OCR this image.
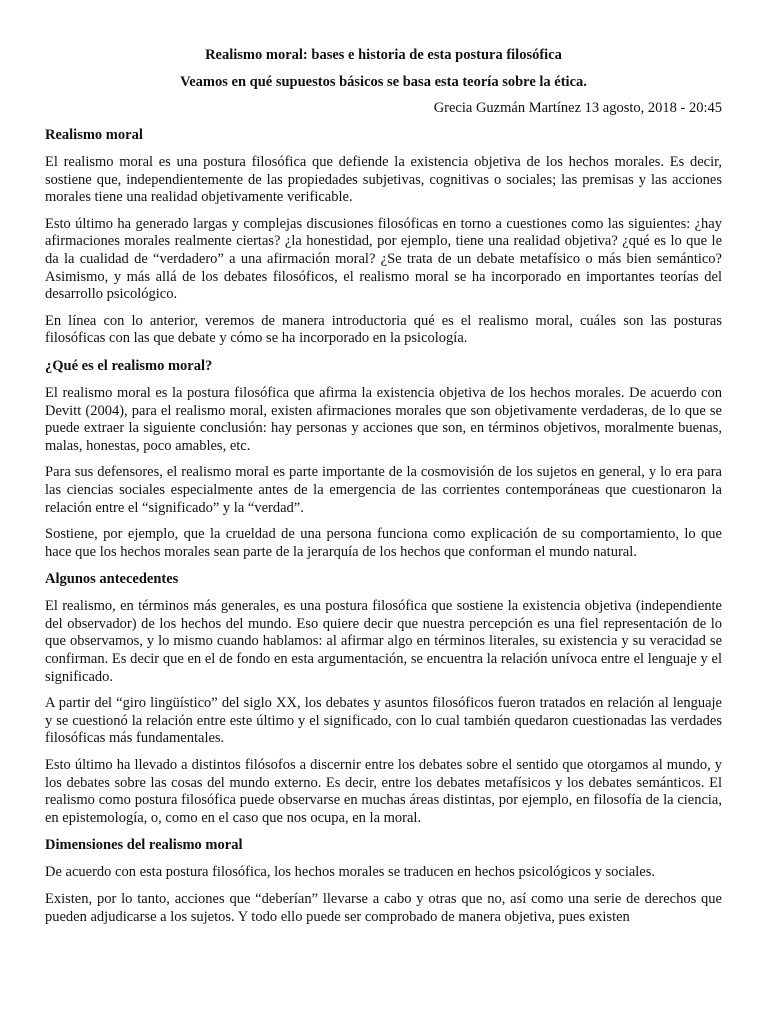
Realismo moral: bases e historia de esta postura filosófica
Veamos en qué supuestos básicos se basa esta teoría sobre la ética.
Grecia Guzmán Martínez 13 agosto, 2018 - 20:45
Realismo moral

El realismo moral es una postura filosófica que defiende la existencia objetiva de los hechos morales. Es decir, sostiene que, independientemente de las propiedades subjetivas, cognitivas o sociales; las premisas y las acciones morales tiene una realidad objetivamente verificable.

Esto último ha generado largas y complejas discusiones filosóficas en torno a cuestiones como las siguientes: ¿hay afirmaciones morales realmente ciertas? ¿la honestidad, por ejemplo, tiene una realidad objetiva? ¿qué es lo que le da la cualidad de “verdadero” a una afirmación moral? ¿Se trata de un debate metafísico o más bien semántico? Asimismo, y más allá de los debates filosóficos, el realismo moral se ha incorporado en importantes teorías del desarrollo psicológico.

En línea con lo anterior, veremos de manera introductoria qué es el realismo moral, cuáles son las posturas filosóficas con las que debate y cómo se ha incorporado en la psicología.

¿Qué es el realismo moral?

El realismo moral es la postura filosófica que afirma la existencia objetiva de los hechos morales. De acuerdo con Devitt (2004), para el realismo moral, existen afirmaciones morales que son objetivamente verdaderas, de lo que se puede extraer la siguiente conclusión: hay personas y acciones que son, en términos objetivos, moralmente buenas, malas, honestas, poco amables, etc.

Para sus defensores, el realismo moral es parte importante de la cosmovisión de los sujetos en general, y lo era para las ciencias sociales especialmente antes de la emergencia de las corrientes contemporáneas que cuestionaron la relación entre el “significado” y la “verdad”.

Sostiene, por ejemplo, que la crueldad de una persona funciona como explicación de su comportamiento, lo que hace que los hechos morales sean parte de la jerarquía de los hechos que conforman el mundo natural.

Algunos antecedentes

El realismo, en términos más generales, es una postura filosófica que sostiene la existencia objetiva (independiente del observador) de los hechos del mundo. Eso quiere decir que nuestra percepción es una fiel representación de lo que observamos, y lo mismo cuando hablamos: al afirmar algo en términos literales, su existencia y su veracidad se confirman. Es decir que en el de fondo en esta argumentación, se encuentra la relación unívoca entre el lenguaje y el significado.

A partir del “giro lingüístico” del siglo XX, los debates y asuntos filosóficos fueron tratados en relación al lenguaje y se cuestionó la relación entre este último y el significado, con lo cual también quedaron cuestionadas las verdades filosóficas más fundamentales.

Esto último ha llevado a distintos filósofos a discernir entre los debates sobre el sentido que otorgamos al mundo, y los debates sobre las cosas del mundo externo. Es decir, entre los debates metafísicos y los debates semánticos. El realismo como postura filosófica puede observarse en muchas áreas distintas, por ejemplo, en filosofía de la ciencia, en epistemología, o, como en el caso que nos ocupa, en la moral.

Dimensiones del realismo moral

De acuerdo con esta postura filosófica, los hechos morales se traducen en hechos psicológicos y sociales.

Existen, por lo tanto, acciones que “deberían” llevarse a cabo y otras que no, así como una serie de derechos que pueden adjudicarse a los sujetos. Y todo ello puede ser comprobado de manera objetiva, pues existen
